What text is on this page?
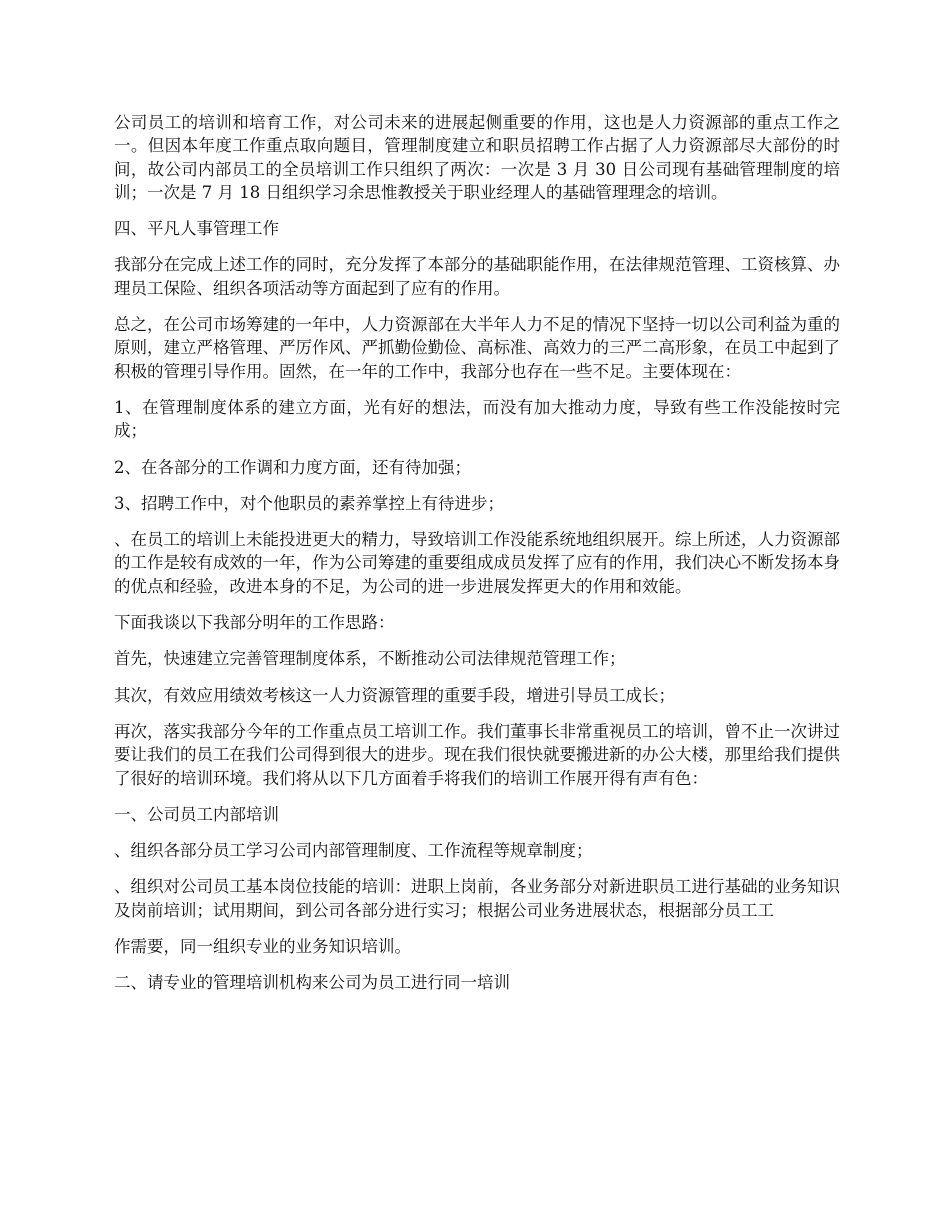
公司员工的培训和培育工作，对公司未来的进展起侧重要的作用，这也是人力资源部的重点工作之一。但因本年度工作重点取向题目，管理制度建立和职员招聘工作占据了人力资源部尽大部份的时间，故公司内部员工的全员培训工作只组织了两次：一次是 3 月 30 日公司现有基础管理制度的培训；一次是 7 月 18 日组织学习余思惟教授关于职业经理人的基础管理理念的培训。

四、平凡人事管理工作

我部分在完成上述工作的同时，充分发挥了本部分的基础职能作用，在法律规范管理、工资核算、办理员工保险、组织各项活动等方面起到了应有的作用。

总之，在公司市场筹建的一年中，人力资源部在大半年人力不足的情况下坚持一切以公司利益为重的原则，建立严格管理、严厉作风、严抓勤俭勤俭、高标准、高效力的三严二高形象，在员工中起到了积极的管理引导作用。固然，在一年的工作中，我部分也存在一些不足。主要体现在：

1、在管理制度体系的建立方面，光有好的想法，而没有加大推动力度，导致有些工作没能按时完成；

2、在各部分的工作调和力度方面，还有待加强；

3、招聘工作中，对个他职员的素养掌控上有待进步；

、在员工的培训上未能投进更大的精力，导致培训工作没能系统地组织展开。综上所述，人力资源部的工作是较有成效的一年，作为公司筹建的重要组成成员发挥了应有的作用，我们决心不断发扬本身的优点和经验，改进本身的不足，为公司的进一步进展发挥更大的作用和效能。

下面我谈以下我部分明年的工作思路：

首先，快速建立完善管理制度体系，不断推动公司法律规范管理工作；

其次，有效应用绩效考核这一人力资源管理的重要手段，增进引导员工成长；

再次，落实我部分今年的工作重点员工培训工作。我们董事长非常重视员工的培训，曾不止一次讲过要让我们的员工在我们公司得到很大的进步。现在我们很快就要搬进新的办公大楼，那里给我们提供了很好的培训环境。我们将从以下几方面着手将我们的培训工作展开得有声有色：

一、公司员工内部培训

、组织各部分员工学习公司内部管理制度、工作流程等规章制度；

、组织对公司员工基本岗位技能的培训：进职上岗前，各业务部分对新进职员工进行基础的业务知识及岗前培训；试用期间，到公司各部分进行实习；根据公司业务进展状态，根据部分员工工

作需要，同一组织专业的业务知识培训。

二、请专业的管理培训机构来公司为员工进行同一培训
